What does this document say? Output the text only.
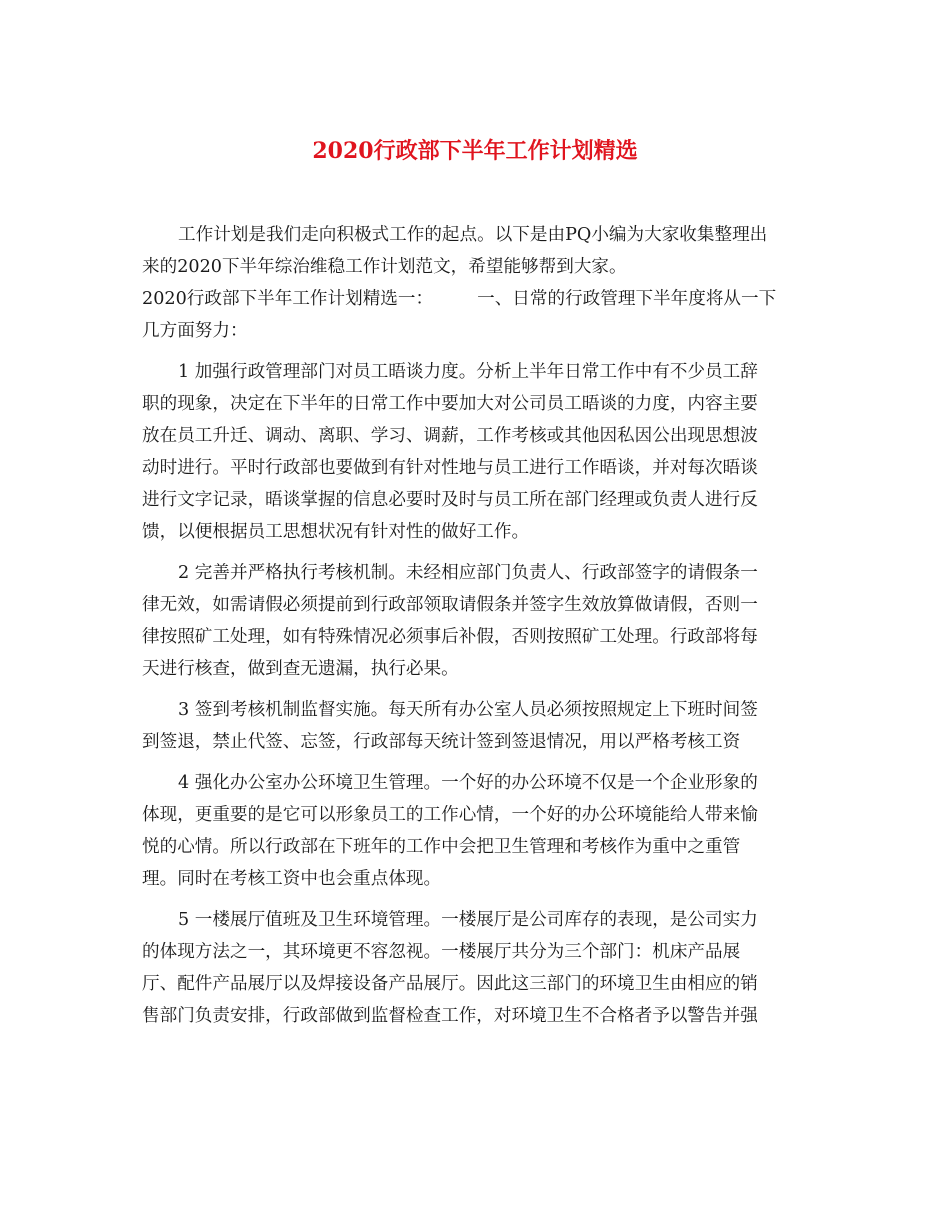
2020行政部下半年工作计划精选

工作计划是我们走向积极式工作的起点。以下是由PQ小编为大家收集整理出
来的2020下半年综治维稳工作计划范文，希望能够帮到大家。
2020行政部下半年工作计划精选一：	一、日常的行政管理下半年度将从一下
几方面努力：

1 加强行政管理部门对员工晤谈力度。分析上半年日常工作中有不少员工辞
职的现象，决定在下半年的日常工作中要加大对公司员工晤谈的力度，内容主要
放在员工升迁、调动、离职、学习、调薪，工作考核或其他因私因公出现思想波
动时进行。平时行政部也要做到有针对性地与员工进行工作晤谈，并对每次晤谈
进行文字记录，晤谈掌握的信息必要时及时与员工所在部门经理或负责人进行反
馈，以便根据员工思想状况有针对性的做好工作。

2 完善并严格执行考核机制。未经相应部门负责人、行政部签字的请假条一
律无效，如需请假必须提前到行政部领取请假条并签字生效放算做请假，否则一
律按照矿工处理，如有特殊情况必须事后补假，否则按照矿工处理。行政部将每
天进行核查，做到查无遗漏，执行必果。

3 签到考核机制监督实施。每天所有办公室人员必须按照规定上下班时间签
到签退，禁止代签、忘签，行政部每天统计签到签退情况，用以严格考核工资

4 强化办公室办公环境卫生管理。一个好的办公环境不仅是一个企业形象的
体现，更重要的是它可以形象员工的工作心情，一个好的办公环境能给人带来愉
悦的心情。所以行政部在下班年的工作中会把卫生管理和考核作为重中之重管
理。同时在考核工资中也会重点体现。

5 一楼展厅值班及卫生环境管理。一楼展厅是公司库存的表现，是公司实力
的体现方法之一，其环境更不容忽视。一楼展厅共分为三个部门：机床产品展
厅、配件产品展厅以及焊接设备产品展厅。因此这三部门的环境卫生由相应的销
售部门负责安排，行政部做到监督检查工作，对环境卫生不合格者予以警告并强
